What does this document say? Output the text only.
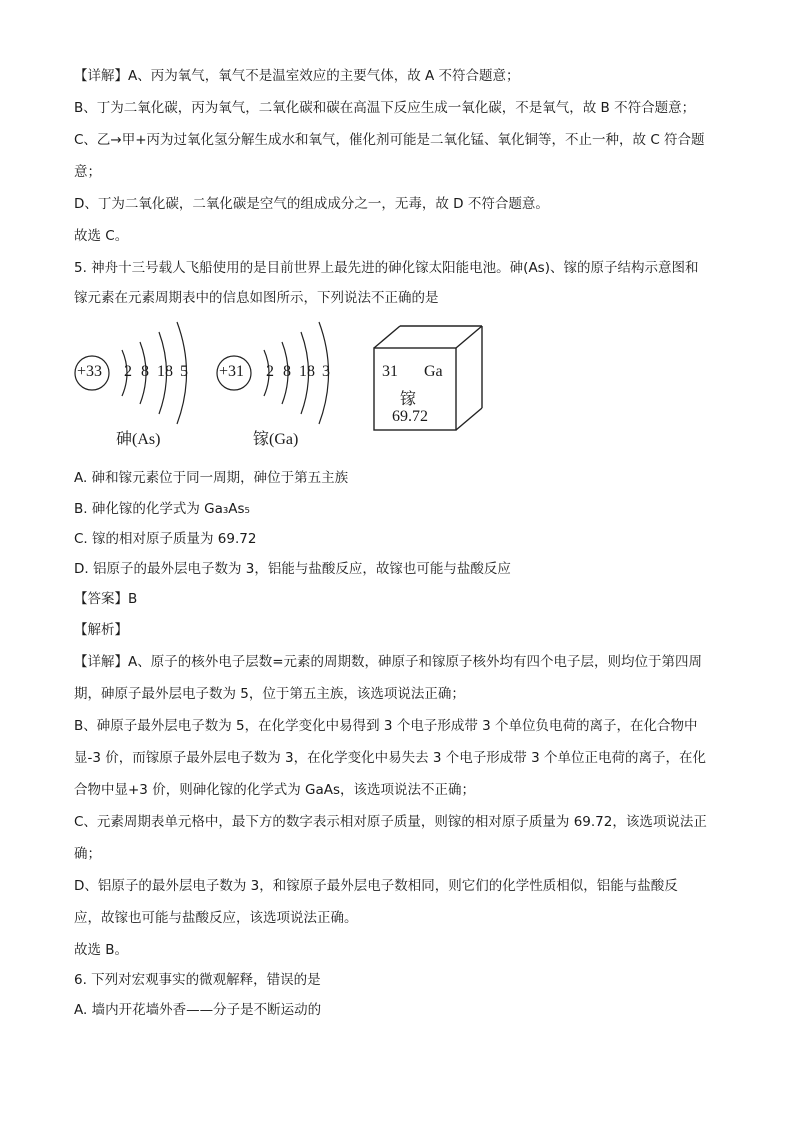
【详解】A、丙为氧气，氧气不是温室效应的主要气体，故 A 不符合题意；
B、丁为二氧化碳，丙为氧气，二氧化碳和碳在高温下反应生成一氧化碳，不是氧气，故 B 不符合题意；
C、乙→甲+丙为过氧化氢分解生成水和氧气，催化剂可能是二氧化锰、氧化铜等，不止一种，故 C 符合题
意；
D、丁为二氧化碳，二氧化碳是空气的组成成分之一，无毒，故 D 不符合题意。
故选 C。
5. 神舟十三号载人飞船使用的是目前世界上最先进的砷化镓太阳能电池。砷(As)、镓的原子结构示意图和
镓元素在元素周期表中的信息如图所示，下列说法不正确的是
+33 2 8 18 5
砷(As)
+31 2 8 18 3
镓(Ga)
31 Ga
镓
69.72
A. 砷和镓元素位于同一周期，砷位于第五主族
B. 砷化镓的化学式为 Ga₃As₅
C. 镓的相对原子质量为 69.72
D. 铝原子的最外层电子数为 3，铝能与盐酸反应，故镓也可能与盐酸反应
【答案】B
【解析】
【详解】A、原子的核外电子层数=元素的周期数，砷原子和镓原子核外均有四个电子层，则均位于第四周
期，砷原子最外层电子数为 5，位于第五主族，该选项说法正确；
B、砷原子最外层电子数为 5，在化学变化中易得到 3 个电子形成带 3 个单位负电荷的离子，在化合物中
显-3 价，而镓原子最外层电子数为 3，在化学变化中易失去 3 个电子形成带 3 个单位正电荷的离子，在化
合物中显+3 价，则砷化镓的化学式为 GaAs，该选项说法不正确；
C、元素周期表单元格中，最下方的数字表示相对原子质量，则镓的相对原子质量为 69.72，该选项说法正
确；
D、铝原子的最外层电子数为 3，和镓原子最外层电子数相同，则它们的化学性质相似，铝能与盐酸反
应，故镓也可能与盐酸反应，该选项说法正确。
故选 B。
6. 下列对宏观事实的微观解释，错误的是
A. 墙内开花墙外香——分子是不断运动的
